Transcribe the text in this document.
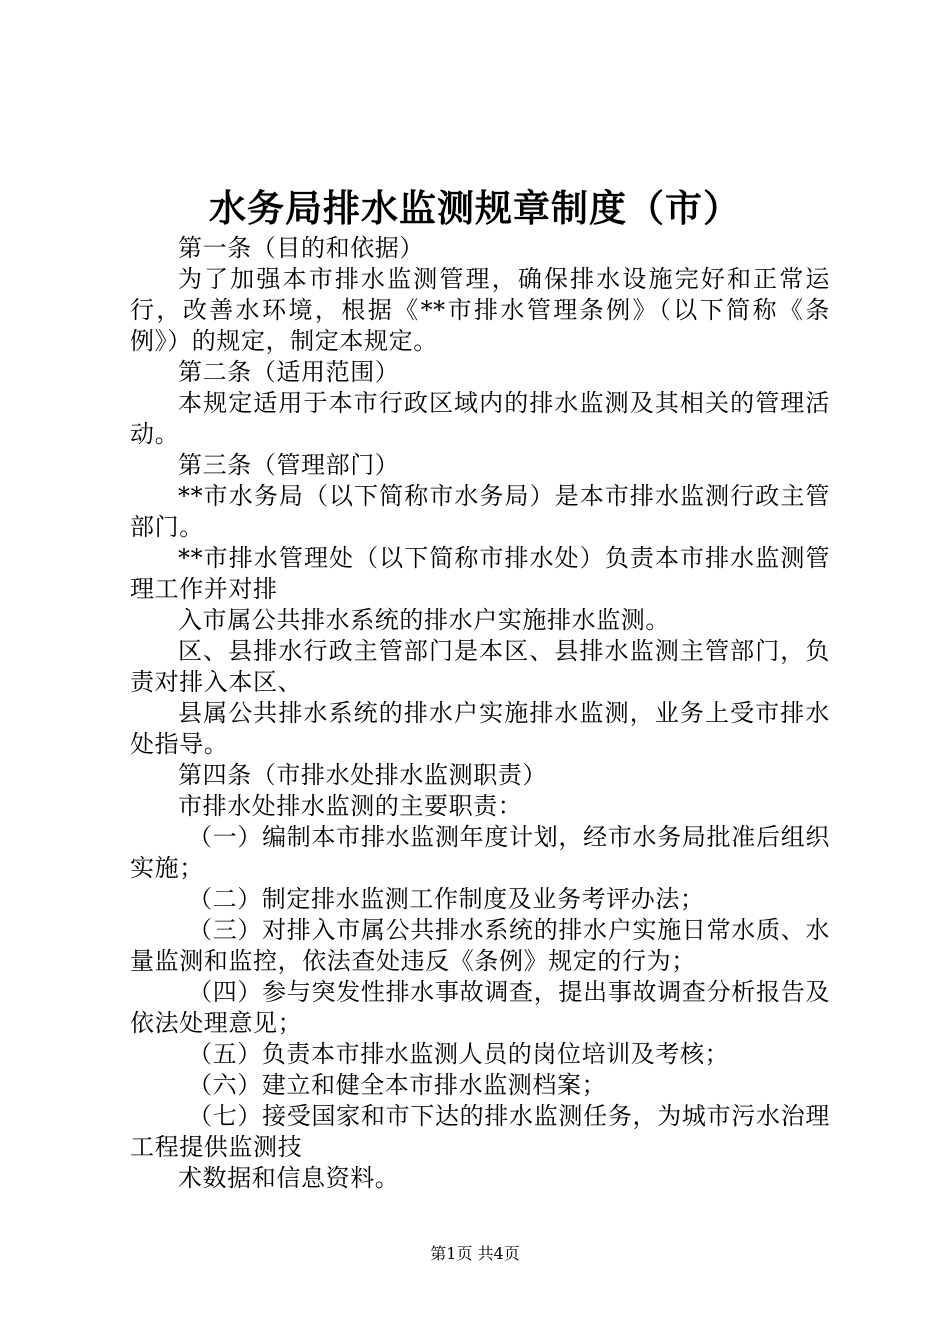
水务局排水监测规章制度（市）

第一条（目的和依据）

为了加强本市排水监测管理，确保排水设施完好和正常运行，改善水环境，根据《**市排水管理条例》（以下简称《条例》）的规定，制定本规定。

第二条（适用范围）

本规定适用于本市行政区域内的排水监测及其相关的管理活动。

第三条（管理部门）

**市水务局（以下简称市水务局）是本市排水监测行政主管部门。

**市排水管理处（以下简称市排水处）负责本市排水监测管理工作并对排

入市属公共排水系统的排水户实施排水监测。

区、县排水行政主管部门是本区、县排水监测主管部门，负责对排入本区、

县属公共排水系统的排水户实施排水监测，业务上受市排水处指导。

第四条（市排水处排水监测职责）

市排水处排水监测的主要职责：

（一）编制本市排水监测年度计划，经市水务局批准后组织实施；

（二）制定排水监测工作制度及业务考评办法；

（三）对排入市属公共排水系统的排水户实施日常水质、水量监测和监控，依法查处违反《条例》规定的行为；

（四）参与突发性排水事故调查，提出事故调查分析报告及依法处理意见；

（五）负责本市排水监测人员的岗位培训及考核；

（六）建立和健全本市排水监测档案；

（七）接受国家和市下达的排水监测任务，为城市污水治理工程提供监测技

术数据和信息资料。

第1页 共4页
